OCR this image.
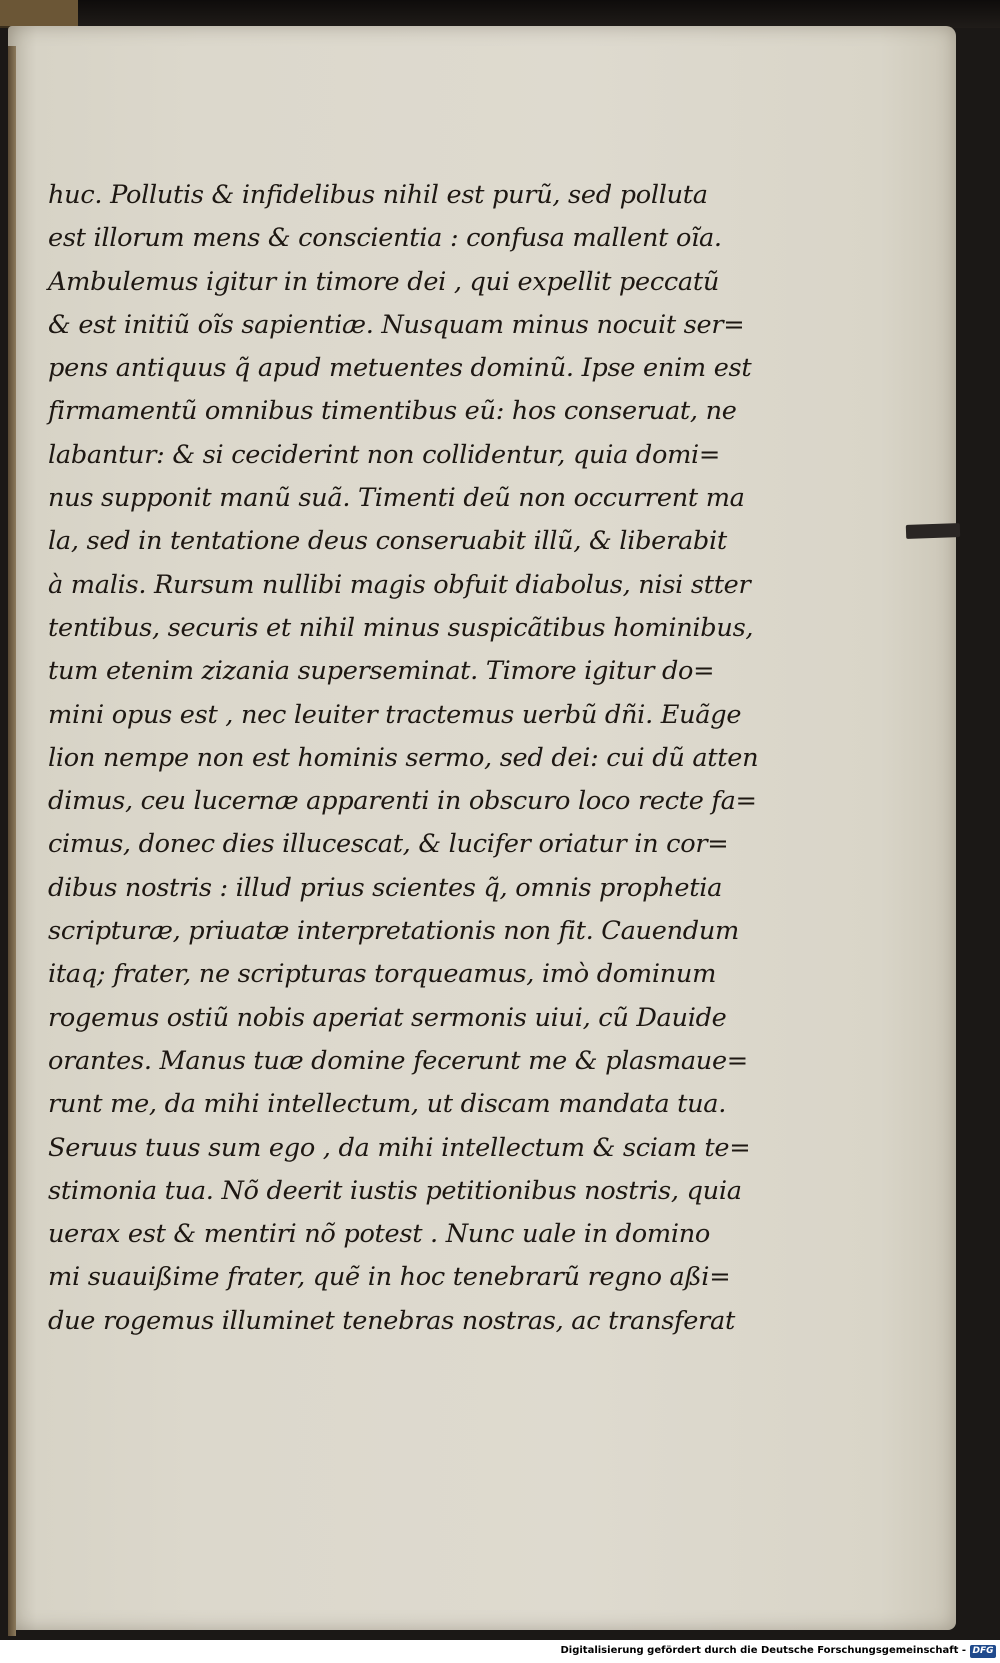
huc. Pollutis & infidelibus nihil est purũ, sed polluta
est illorum mens & conscientia : confusa mallent oĩa.
Ambulemus igitur in timore dei , qui expellit peccatũ
& est initiũ oĩs sapientiæ. Nusquam minus nocuit ser=
pens antiquus q̃ apud metuentes dominũ. Ipse enim est
firmamentũ omnibus timentibus eũ: hos conseruat, ne
labantur: & si ceciderint non collidentur, quia domi=
nus supponit manũ suã. Timenti deũ non occurrent ma
la, sed in tentatione deus conseruabit illũ, & liberabit
à malis. Rursum nullibi magis obfuit diabolus, nisi stter
tentibus, securis et nihil minus suspicãtibus hominibus,
tum etenim zizania superseminat. Timore igitur do=
mini opus est , nec leuiter tractemus uerbũ dñi. Euãge
lion nempe non est hominis sermo, sed dei: cui dũ atten
dimus, ceu lucernæ apparenti in obscuro loco recte fa=
cimus, donec dies illucescat, & lucifer oriatur in cor=
dibus nostris : illud prius scientes q̃, omnis prophetia
scripturæ, priuatæ interpretationis non fit. Cauendum
itaq; frater, ne scripturas torqueamus, imò dominum
rogemus ostiũ nobis aperiat sermonis uiui, cũ Dauide
orantes. Manus tuæ domine fecerunt me & plasmaue=
runt me, da mihi intellectum, ut discam mandata tua.
Seruus tuus sum ego , da mihi intellectum & sciam te=
stimonia tua. Nõ deerit iustis petitionibus nostris, quia
uerax est & mentiri nõ potest . Nunc uale in domino
mi suauißime frater, quẽ in hoc tenebrarũ regno aßi=
due rogemus illuminet tenebras nostras, ac transferat
Digitalisierung gefördert durch die Deutsche Forschungsgemeinschaft - DFG
